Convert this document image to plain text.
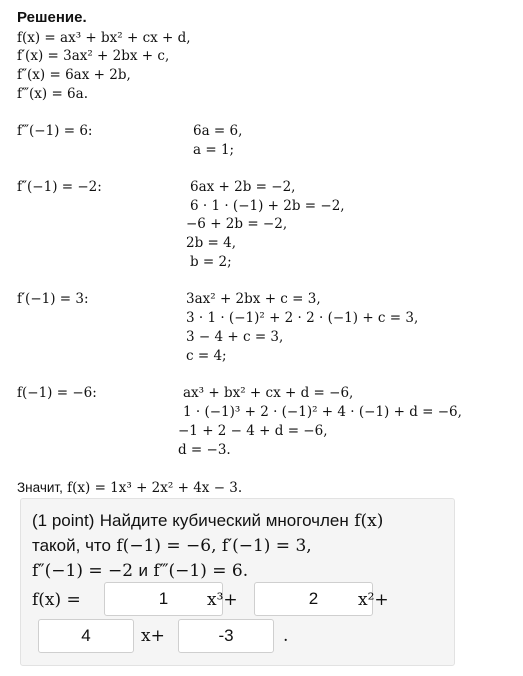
Решение.
f(x) = ax³ + bx² + cx + d,
f′(x) = 3ax² + 2bx + c,
f″(x) = 6ax + 2b,
f‴(x) = 6a.
f‴(−1) = 6:	6a = 6,
a = 1;
f″(−1) = −2:	6ax + 2b = −2,
6 · 1 · (−1) + 2b = −2,
−6 + 2b = −2,
2b = 4,
b = 2;
f′(−1) = 3:	3ax² + 2bx + c = 3,
3 · 1 · (−1)² + 2 · 2 · (−1) + c = 3,
3 − 4 + c = 3,
c = 4;
f(−1) = −6:	ax³ + bx² + cx + d = −6,
1 · (−1)³ + 2 · (−1)² + 4 · (−1) + d = −6,
−1 + 2 − 4 + d = −6,
d = −3.
Значит, f(x) = 1x³ + 2x² + 4x − 3.
(1 point) Найдите кубический многочлен f(x)
такой, что f(−1) = −6, f′(−1) = 3,
f″(−1) = −2 и f‴(−1) = 6.
f(x) =	1	x³+	2	x²+
4	x+	-3	.
